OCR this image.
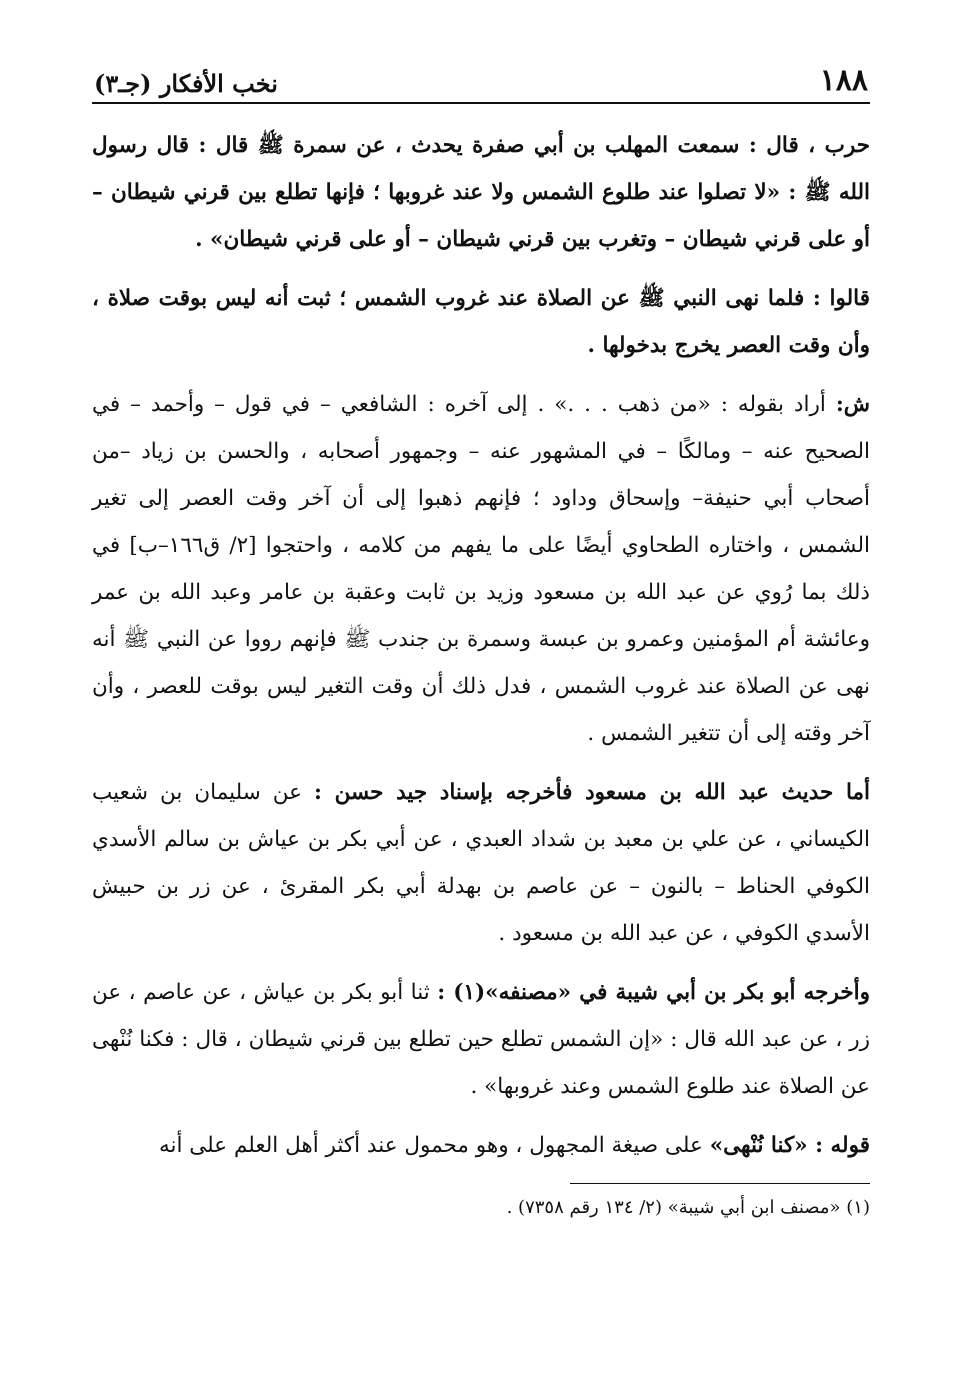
١٨٨
نخب الأفكار (جـ٣)

حرب ، قال : سمعت المهلب بن أبي صفرة يحدث ، عن سمرة ﷺ قال : قال رسول الله ﷺ : «لا تصلوا عند طلوع الشمس ولا عند غروبها ؛ فإنها تطلع بين قرني شيطان – أو على قرني شيطان – وتغرب بين قرني شيطان – أو على قرني شيطان» .

قالوا : فلما نهى النبي ﷺ عن الصلاة عند غروب الشمس ؛ ثبت أنه ليس بوقت صلاة ، وأن وقت العصر يخرج بدخولها .

ش: أراد بقوله : «من ذهب . . .» . إلى آخره : الشافعي – في قول – وأحمد – في الصحيح عنه – ومالكًا – في المشهور عنه – وجمهور أصحابه ، والحسن بن زياد –من أصحاب أبي حنيفة– وإسحاق وداود ؛ فإنهم ذهبوا إلى أن آخر وقت العصر إلى تغير الشمس ، واختاره الطحاوي أيضًا على ما يفهم من كلامه ، واحتجوا [٢/ ق١٦٦–ب] في ذلك بما رُوي عن عبد الله بن مسعود وزيد بن ثابت وعقبة بن عامر وعبد الله بن عمر وعائشة أم المؤمنين وعمرو بن عبسة وسمرة بن جندب ﷺ فإنهم رووا عن النبي ﷺ أنه نهى عن الصلاة عند غروب الشمس ، فدل ذلك أن وقت التغير ليس بوقت للعصر ، وأن آخر وقته إلى أن تتغير الشمس .

أما حديث عبد الله بن مسعود فأخرجه بإسناد جيد حسن : عن سليمان بن شعيب الكيساني ، عن علي بن معبد بن شداد العبدي ، عن أبي بكر بن عياش بن سالم الأسدي الكوفي الحناط – بالنون – عن عاصم بن بهدلة أبي بكر المقرئ ، عن زر بن حبيش الأسدي الكوفي ، عن عبد الله بن مسعود .

وأخرجه أبو بكر بن أبي شيبة في «مصنفه»(١) : ثنا أبو بكر بن عياش ، عن عاصم ، عن زر ، عن عبد الله قال : «إن الشمس تطلع حين تطلع بين قرني شيطان ، قال : فكنا نُنْهى عن الصلاة عند طلوع الشمس وعند غروبها» .

قوله : «كنا نُنْهى» على صيغة المجهول ، وهو محمول عند أكثر أهل العلم على أنه

(١) «مصنف ابن أبي شيبة» (٢/ ١٣٤ رقم ٧٣٥٨) .
